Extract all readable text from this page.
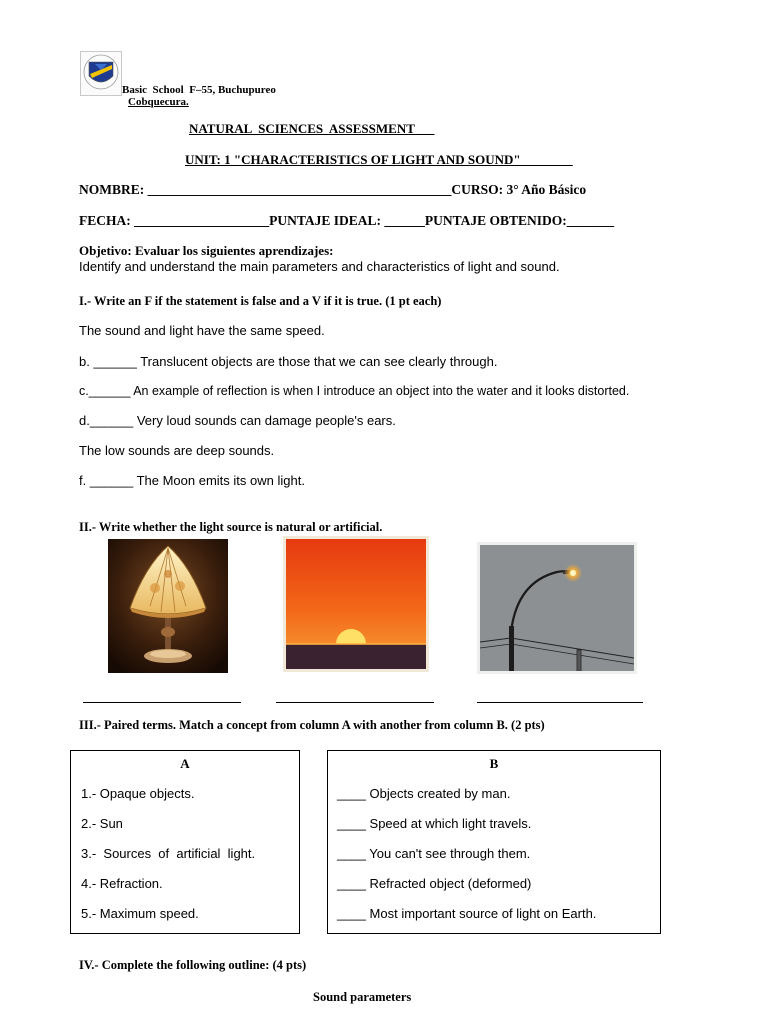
Basic  School  F–55, Buchupureo
Cobquecura.
NATURAL  SCIENCES  ASSESSMENT___
UNIT: 1 "CHARACTERISTICS OF LIGHT AND SOUND"________
NOMBRE: _____________________________________________CURSO: 3° Año Básico
FECHA: ____________________PUNTAJE IDEAL: ______PUNTAJE OBTENIDO:_______
Objetivo: Evaluar los siguientes aprendizajes:
Identify and understand the main parameters and characteristics of light and sound.
I.- Write an F if the statement is false and a V if it is true. (1 pt each)
The sound and light have the same speed.
b. ______ Translucent objects are those that we can see clearly through.
c.______ An example of reflection is when I introduce an object into the water and it looks distorted.
d.______ Very loud sounds can damage people's ears.
The low sounds are deep sounds.
f. ______ The Moon emits its own light.
II.- Write whether the light source is natural or artificial.
III.- Paired terms. Match a concept from column A with another from column B. (2 pts)
A
1.- Opaque objects.
2.- Sun
3.-  Sources  of  artificial  light.
4.- Refraction.
5.- Maximum speed.
B
____ Objects created by man.
____ Speed at which light travels.
____ You can't see through them.
____ Refracted object (deformed)
____ Most important source of light on Earth.
IV.- Complete the following outline: (4 pts)
Sound parameters
